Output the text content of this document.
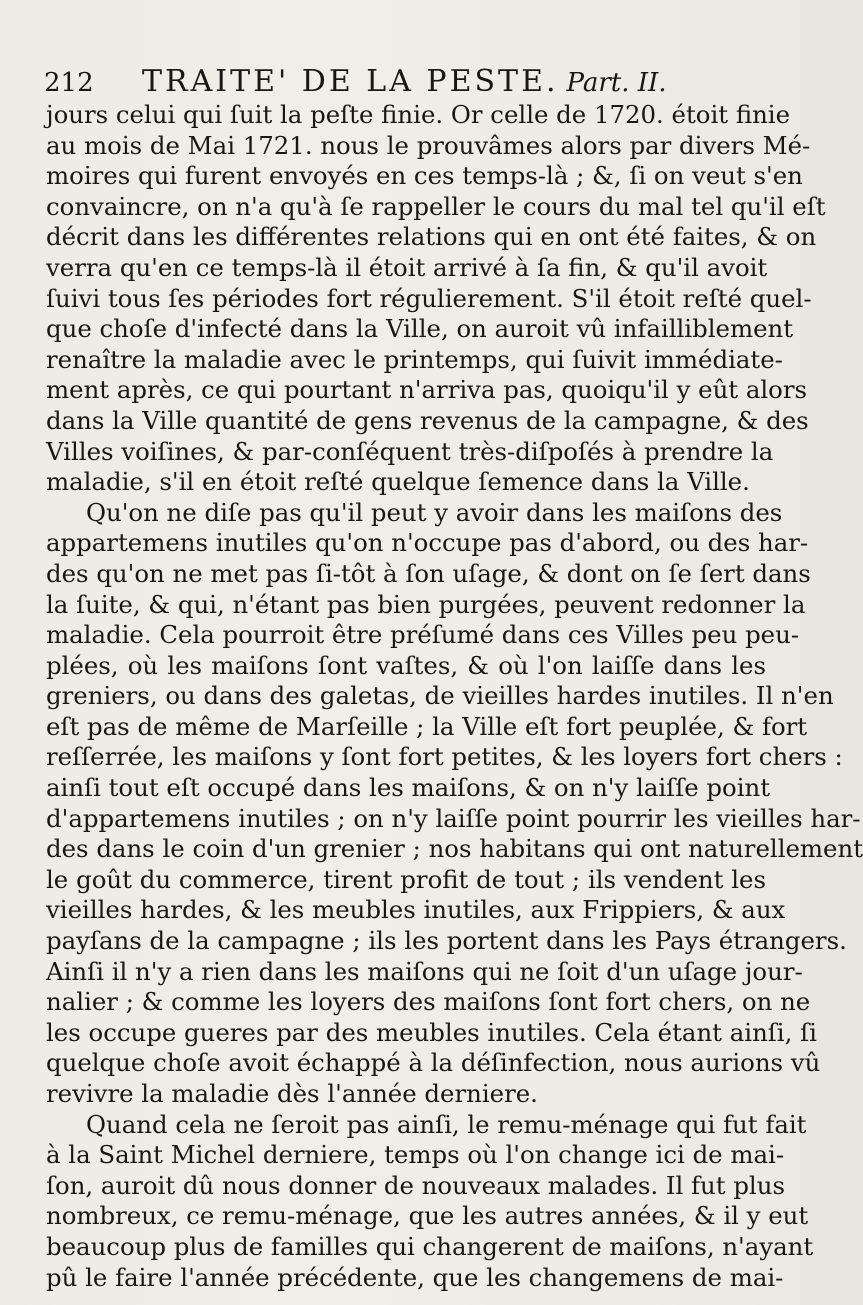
212 TRAITE' DE LA PESTE. Part. II.
jours celui qui ſuit la peſte finie. Or celle de 1720. étoit finie
au mois de Mai 1721. nous le prouvâmes alors par divers Mé-
moires qui furent envoyés en ces temps-là ; &, ſi on veut s'en
convaincre, on n'a qu'à ſe rappeller le cours du mal tel qu'il eſt
décrit dans les différentes relations qui en ont été faites, & on
verra qu'en ce temps-là il étoit arrivé à ſa fin, & qu'il avoit
ſuivi tous ſes périodes fort régulierement. S'il étoit reſté quel-
que choſe d'infecté dans la Ville, on auroit vû infailliblement
renaître la maladie avec le printemps, qui ſuivit immédiate-
ment après, ce qui pourtant n'arriva pas, quoiqu'il y eût alors
dans la Ville quantité de gens revenus de la campagne, & des
Villes voiſines, & par-conſéquent très-diſpoſés à prendre la
maladie, s'il en étoit reſté quelque ſemence dans la Ville.
Qu'on ne diſe pas qu'il peut y avoir dans les maiſons des
appartemens inutiles qu'on n'occupe pas d'abord, ou des har-
des qu'on ne met pas ſi-tôt à ſon uſage, & dont on ſe ſert dans
la ſuite, & qui, n'étant pas bien purgées, peuvent redonner la
maladie. Cela pourroit être préſumé dans ces Villes peu peu-
plées, où les maiſons ſont vaſtes, & où l'on laiſſe dans les
greniers, ou dans des galetas, de vieilles hardes inutiles. Il n'en
eſt pas de même de Marſeille ; la Ville eſt fort peuplée, & fort
reſſerrée, les maiſons y ſont fort petites, & les loyers fort chers :
ainſi tout eſt occupé dans les maiſons, & on n'y laiſſe point
d'appartemens inutiles ; on n'y laiſſe point pourrir les vieilles har-
des dans le coin d'un grenier ; nos habitans qui ont naturellement
le goût du commerce, tirent profit de tout ; ils vendent les
vieilles hardes, & les meubles inutiles, aux Frippiers, & aux
payſans de la campagne ; ils les portent dans les Pays étrangers.
Ainſi il n'y a rien dans les maiſons qui ne ſoit d'un uſage jour-
nalier ; & comme les loyers des maiſons ſont fort chers, on ne
les occupe gueres par des meubles inutiles. Cela étant ainſi, ſi
quelque choſe avoit échappé à la déſinfection, nous aurions vû
revivre la maladie dès l'année derniere.
Quand cela ne ſeroit pas ainſi, le remu-ménage qui fut fait
à la Saint Michel derniere, temps où l'on change ici de mai-
ſon, auroit dû nous donner de nouveaux malades. Il fut plus
nombreux, ce remu-ménage, que les autres années, & il y eut
beaucoup plus de familles qui changerent de maiſons, n'ayant
pû le faire l'année précédente, que les changemens de mai-
